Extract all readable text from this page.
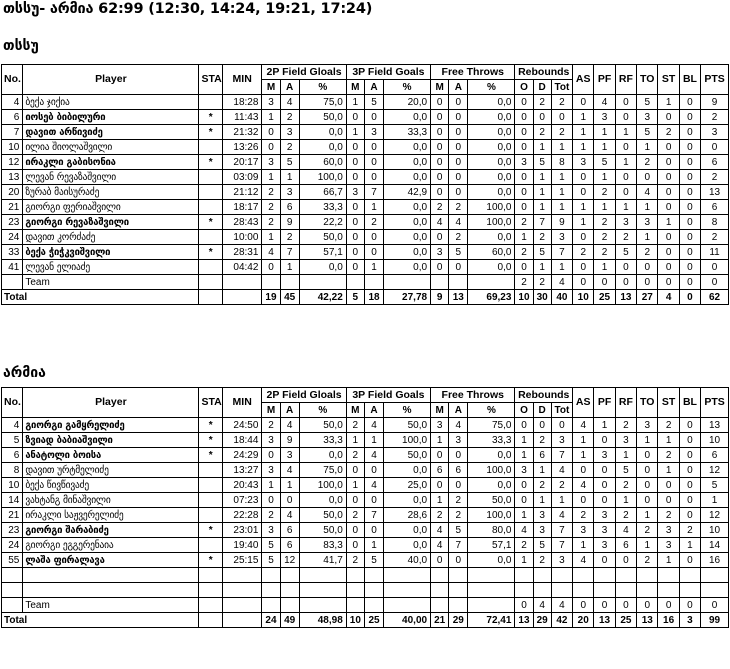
თსსუ- არმია 62:99 (12:30, 14:24, 19:21, 17:24)
თსსუ
No.	Player	STA	MIN	2P Field Gloals			3P Field Goals			Free Throws			Rebounds			AS	PF	RF	TO	ST	BL	PTS
				M	A	%	M	A	%	M	A	%	O	D	Tot							
4	ბექა ჯიქია		18:28	3	4	75,0	1	5	20,0	0	0	0,0	0	2	2	0	4	0	5	1	0	9
6	იოსებ ბიბილური	*	11:43	1	2	50,0	0	0	0,0	0	0	0,0	0	0	0	1	3	0	3	0	0	2
7	დავით არწივიძე	*	21:32	0	3	0,0	1	3	33,3	0	0	0,0	0	2	2	1	1	1	5	2	0	3
10	ილია შიოლაშვილი		13:26	0	2	0,0	0	0	0,0	0	0	0,0	0	1	1	1	1	0	1	0	0	0
12	ირაკლი გაბისონია	*	20:17	3	5	60,0	0	0	0,0	0	0	0,0	3	5	8	3	5	1	2	0	0	6
13	ლევან რევაზაშვილი		03:09	1	1	100,0	0	0	0,0	0	0	0,0	0	1	1	0	1	0	0	0	0	2
20	ზურაბ მაისურაძე		21:12	2	3	66,7	3	7	42,9	0	0	0,0	0	1	1	0	2	0	4	0	0	13
21	გიორგი ფერიაშვილი		18:17	2	6	33,3	0	1	0,0	2	2	100,0	0	1	1	1	1	1	1	0	0	6
23	გიორგი რევაზაშვილი	*	28:43	2	9	22,2	0	2	0,0	4	4	100,0	2	7	9	1	2	3	3	1	0	8
24	დავით კორძაძე		10:00	1	2	50,0	0	0	0,0	0	2	0,0	1	2	3	0	2	2	1	0	0	2
33	ბექა ჭიჭკვიშვილი	*	28:31	4	7	57,1	0	0	0,0	3	5	60,0	2	5	7	2	2	5	2	0	0	11
41	ლევან ელიაძე		04:42	0	1	0,0	0	1	0,0	0	0	0,0	0	1	1	0	1	0	0	0	0	0
	Team												2	2	4	0	0	0	0	0	0	0
Total				19	45	42,22	5	18	27,78	9	13	69,23	10	30	40	10	25	13	27	4	0	62
არმია
No.	Player	STA	MIN	2P Field Gloals			3P Field Goals			Free Throws			Rebounds			AS	PF	RF	TO	ST	BL	PTS
				M	A	%	M	A	%	M	A	%	O	D	Tot							
4	გიორგი გამყრელიძე	*	24:50	2	4	50,0	2	4	50,0	3	4	75,0	0	0	0	4	1	2	3	2	0	13
5	ზვიად ბაბიაშვილი	*	18:44	3	9	33,3	1	1	100,0	1	3	33,3	1	2	3	1	0	3	1	1	0	10
6	ანატოლი ბოისა	*	24:29	0	3	0,0	2	4	50,0	0	0	0,0	1	6	7	1	3	1	0	2	0	6
8	დავით ურტმელიძე		13:27	3	4	75,0	0	0	0,0	6	6	100,0	3	1	4	0	0	5	0	1	0	12
10	ბექა წივწივაძე		20:43	1	1	100,0	1	4	25,0	0	0	0,0	0	2	2	4	0	2	0	0	0	5
14	ვახტანგ მინაშვილი		07:23	0	0	0,0	0	0	0,0	1	2	50,0	0	1	1	0	0	1	0	0	0	1
21	ირაკლი საჟვერელიძე		22:28	2	4	50,0	2	7	28,6	2	2	100,0	1	3	4	2	3	2	1	2	0	12
23	გიორგი შარაბიძე	*	23:01	3	6	50,0	0	0	0,0	4	5	80,0	4	3	7	3	3	4	2	3	2	10
24	გიორგი ეგგერენაია		19:40	5	6	83,3	0	1	0,0	4	7	57,1	2	5	7	1	3	6	1	3	1	14
55	ლაშა ფირალავა	*	25:15	5	12	41,7	2	5	40,0	0	0	0,0	1	2	3	4	0	0	2	1	0	16

	Team												0	4	4	0	0	0	0	0	0	0
Total				24	49	48,98	10	25	40,00	21	29	72,41	13	29	42	20	13	25	13	16	3	99
